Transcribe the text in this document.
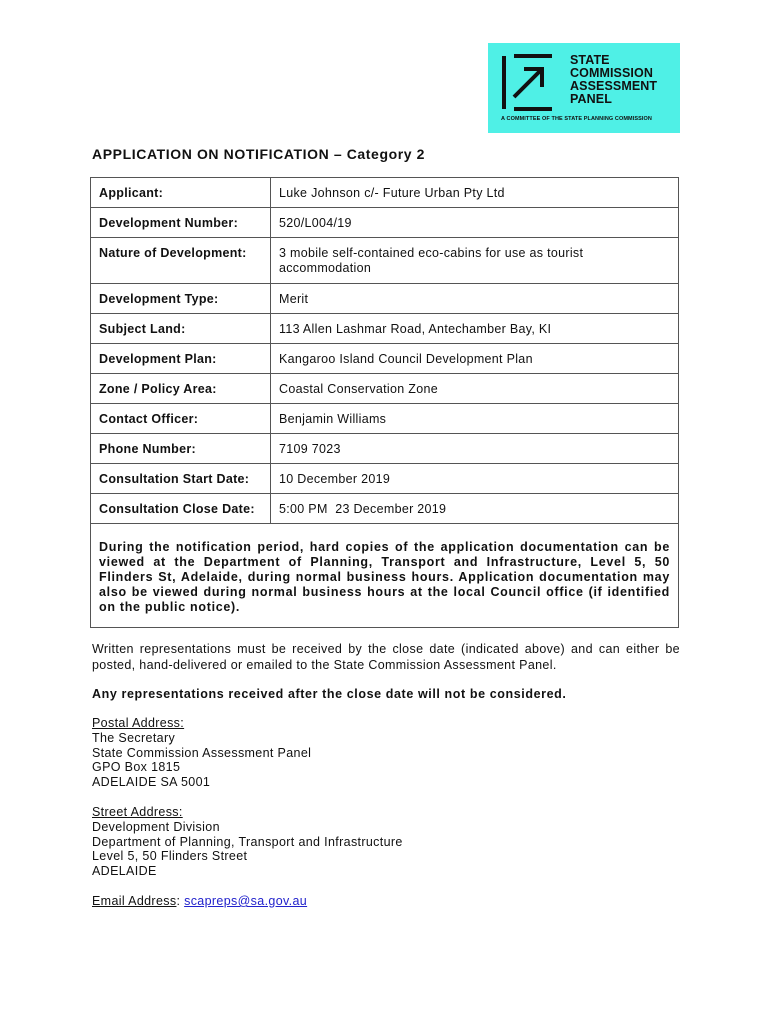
STATE
COMMISSION
ASSESSMENT
PANEL
A COMMITTEE OF THE STATE PLANNING COMMISSION
APPLICATION ON NOTIFICATION – Category 2
Applicant:	Luke Johnson c/- Future Urban Pty Ltd
Development Number:	520/L004/19
Nature of Development:	3 mobile self-contained eco-cabins for use as tourist accommodation
Development Type:	Merit
Subject Land:	113 Allen Lashmar Road, Antechamber Bay, KI
Development Plan:	Kangaroo Island Council Development Plan
Zone / Policy Area:	Coastal Conservation Zone
Contact Officer:	Benjamin Williams
Phone Number:	7109 7023
Consultation Start Date:	10 December 2019
Consultation Close Date:	5:00 PM  23 December 2019
During the notification period, hard copies of the application documentation can be viewed at the Department of Planning, Transport and Infrastructure, Level 5, 50 Flinders St, Adelaide, during normal business hours. Application documentation may also be viewed during normal business hours at the local Council office (if identified on the public notice).	
Written representations must be received by the close date (indicated above) and can either be posted, hand-delivered or emailed to the State Commission Assessment Panel.
Any representations received after the close date will not be considered.
Postal Address:
The Secretary
State Commission Assessment Panel
GPO Box 1815
ADELAIDE SA 5001
Street Address:
Development Division
Department of Planning, Transport and Infrastructure
Level 5, 50 Flinders Street
ADELAIDE
Email Address: scapreps@sa.gov.au
